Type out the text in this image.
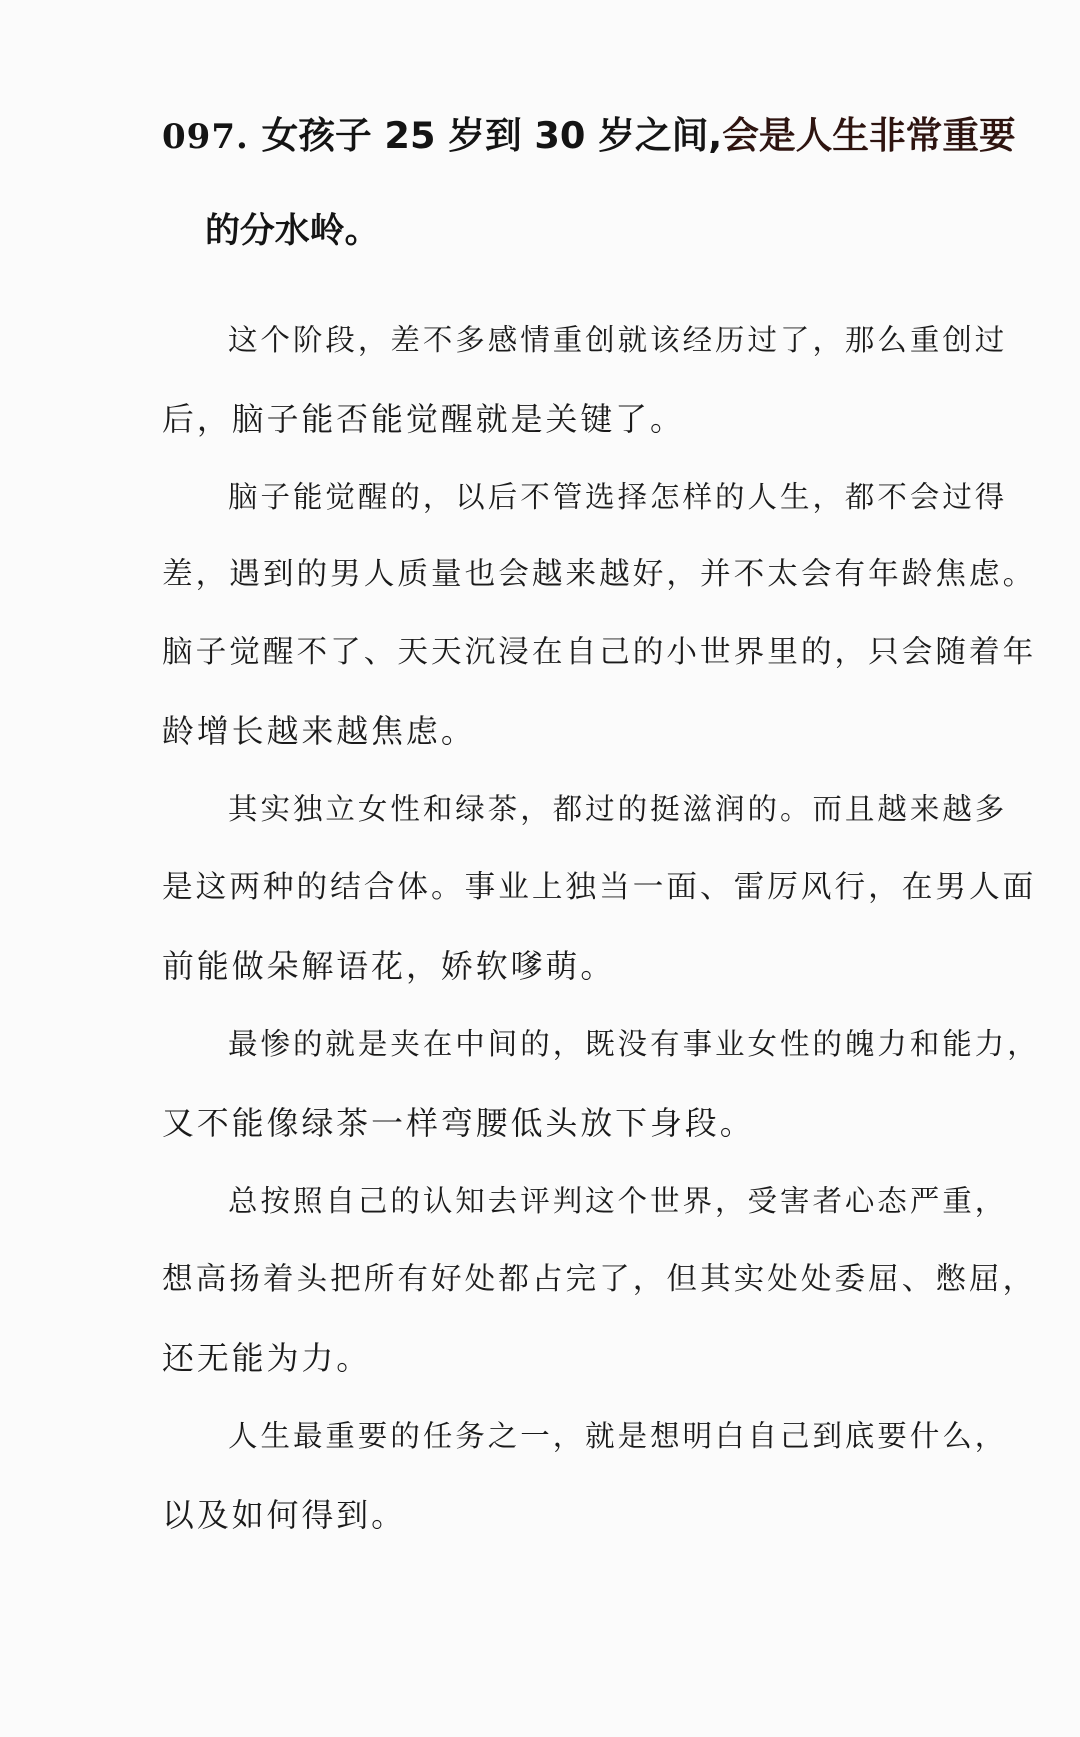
097. 女孩子 25 岁到 30 岁之间,会是人生非常重要
的分水岭。
这个阶段，差不多感情重创就该经历过了，那么重创过
后，脑子能否能觉醒就是关键了。
脑子能觉醒的，以后不管选择怎样的人生，都不会过得
差，遇到的男人质量也会越来越好，并不太会有年龄焦虑。
脑子觉醒不了、天天沉浸在自己的小世界里的，只会随着年
龄增长越来越焦虑。
其实独立女性和绿茶，都过的挺滋润的。而且越来越多
是这两种的结合体。事业上独当一面、雷厉风行，在男人面
前能做朵解语花，娇软嗲萌。
最惨的就是夹在中间的，既没有事业女性的魄力和能力，
又不能像绿茶一样弯腰低头放下身段。
总按照自己的认知去评判这个世界，受害者心态严重，
想高扬着头把所有好处都占完了，但其实处处委屈、憋屈，
还无能为力。
人生最重要的任务之一，就是想明白自己到底要什么，
以及如何得到。
